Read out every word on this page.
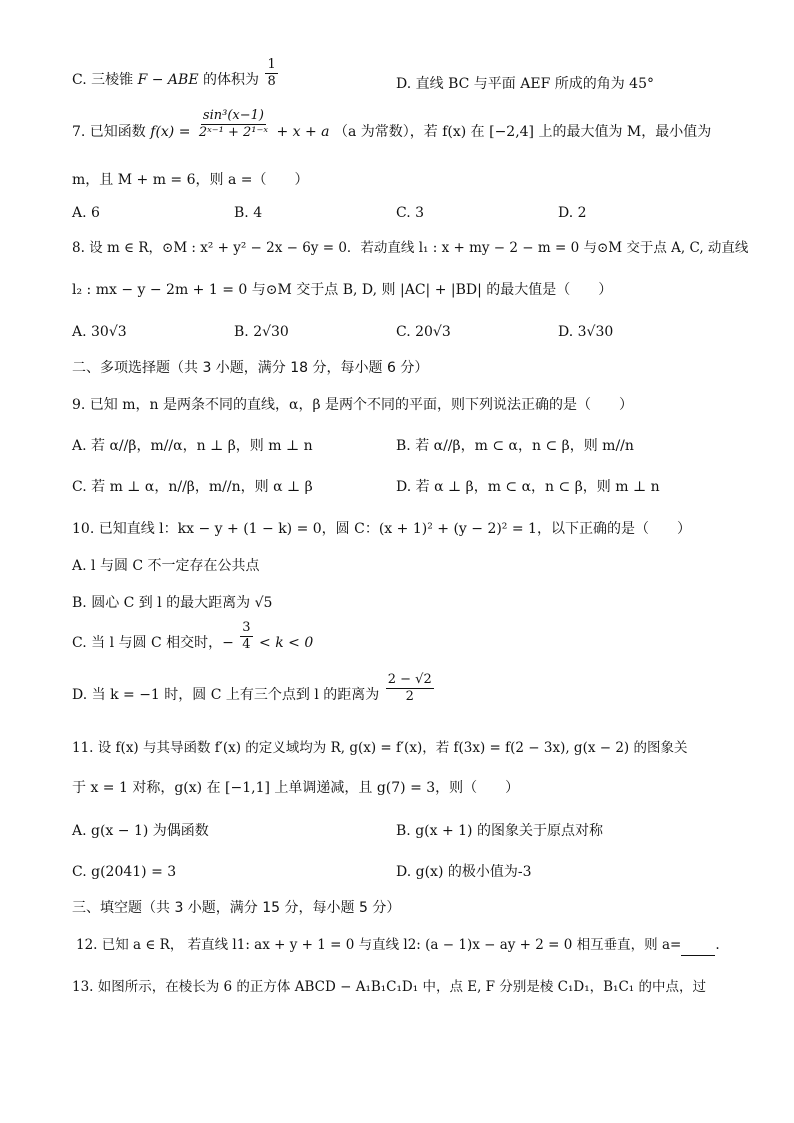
C. 三棱锥 F − ABE 的体积为 $\frac{1}{8}$	D. 直线 BC 与平面 AEF 所成的角为 45°
7. 已知函数 $f(x) = \frac{\text{sin³(x−1)}}{\text{2ˣ⁻¹ + 2¹⁻ˣ}} + x + a$ （a 为常数），若 f(x) 在 [−2,4] 上的最大值为 M，最小值为
m，且 M + m = 6，则 a =（　　）
A. 6	B. 4	C. 3	D. 2
8. 设 m ∈ R，⊙M : x² + y² − 2x − 6y = 0．若动直线 l₁ : x + my − 2 − m = 0 与⊙M 交于点 A, C, 动直线
l₂ : mx − y − 2m + 1 = 0 与⊙M 交于点 B, D, 则 |AC| + |BD| 的最大值是（　　）
A. 30√3	B. 2√30	C. 20√3	D. 3√30
二、多项选择题（共 3 小题，满分 18 分，每小题 6 分）
9. 已知 m，n 是两条不同的直线，α，β 是两个不同的平面，则下列说法正确的是（　　）
A. 若 α//β，m//α，n ⊥ β，则 m ⊥ n	B. 若 α//β，m ⊂ α，n ⊂ β，则 m//n
C. 若 m ⊥ α，n//β，m//n，则 α ⊥ β	D. 若 α ⊥ β，m ⊂ α，n ⊂ β，则 m ⊥ n
10. 已知直线 l：kx − y + (1 − k) = 0，圆 C：(x + 1)² + (y − 2)² = 1，以下正确的是（　　）
A. l 与圆 C 不一定存在公共点
B. 圆心 C 到 l 的最大距离为 √5
C. 当 l 与圆 C 相交时，− $\frac{3}{4} < k < 0$
D. 当 k = −1 时，圆 C 上有三个点到 l 的距离为 $\frac{2 - √2}{2}$
11. 设 f(x) 与其导函数 f′(x) 的定义域均为 R, g(x) = f′(x)，若 f(3x) = f(2 − 3x), g(x − 2) 的图象关
于 x = 1 对称，g(x) 在 [−1,1] 上单调递减，且 g(7) = 3，则（　　）
A. g(x − 1) 为偶函数	B. g(x + 1) 的图象关于原点对称
C. g(2041) = 3	D. g(x) 的极小值为-3
三、填空题（共 3 小题，满分 15 分，每小题 5 分）
12. 已知 a ∈ R， 若直线 l1: ax + y + 1 = 0 与直线 l2: (a − 1)x − ay + 2 = 0 相互垂直，则 a=	.
13. 如图所示，在棱长为 6 的正方体 ABCD − A₁B₁C₁D₁ 中，点 E, F 分别是棱 C₁D₁，B₁C₁ 的中点，过
